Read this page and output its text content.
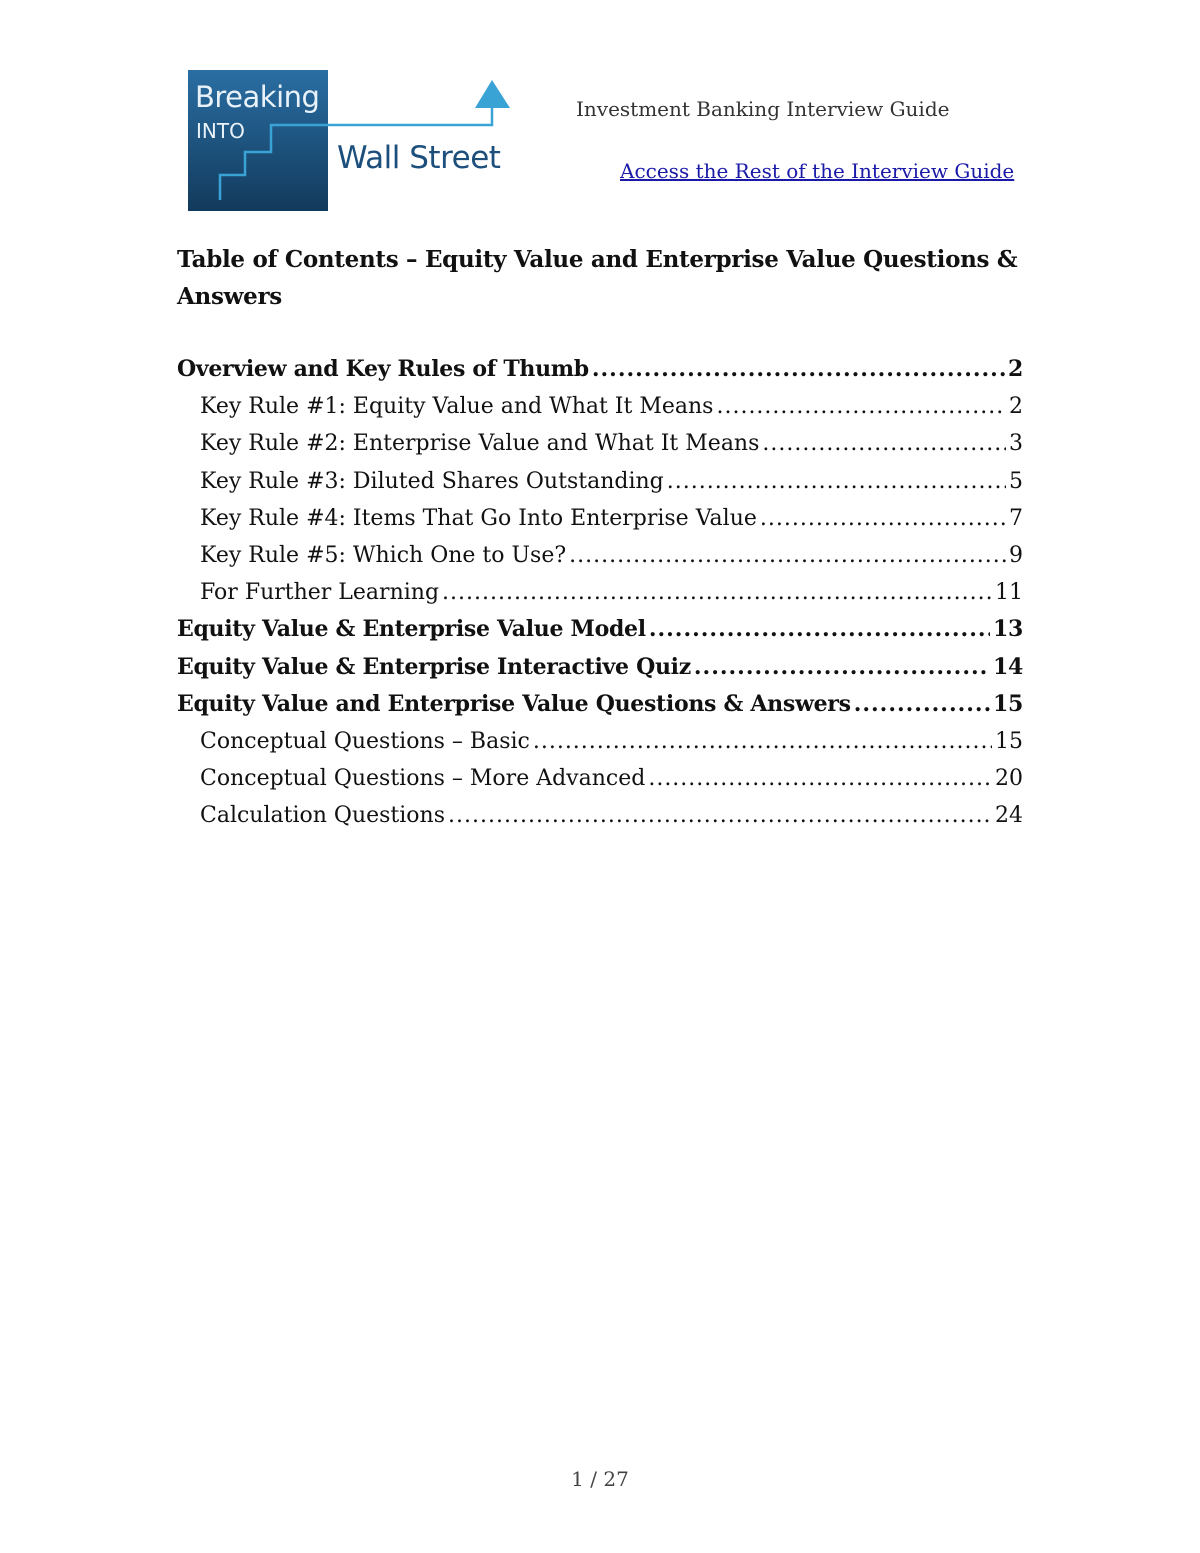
Breaking
INTO
Wall Street
Investment Banking Interview Guide
Access the Rest of the Interview Guide
Table of Contents – Equity Value and Enterprise Value Questions & Answers
Overview and Key Rules of Thumb .....	2
Key Rule #1: Equity Value and What It Means .....	2
Key Rule #2: Enterprise Value and What It Means .....	3
Key Rule #3: Diluted Shares Outstanding .....	5
Key Rule #4: Items That Go Into Enterprise Value .....	7
Key Rule #5: Which One to Use? .....	9
For Further Learning .....	11
Equity Value & Enterprise Value Model .....	13
Equity Value & Enterprise Interactive Quiz .....	14
Equity Value and Enterprise Value Questions & Answers .....	15
Conceptual Questions – Basic .....	15
Conceptual Questions – More Advanced .....	20
Calculation Questions .....	24
1 / 27
